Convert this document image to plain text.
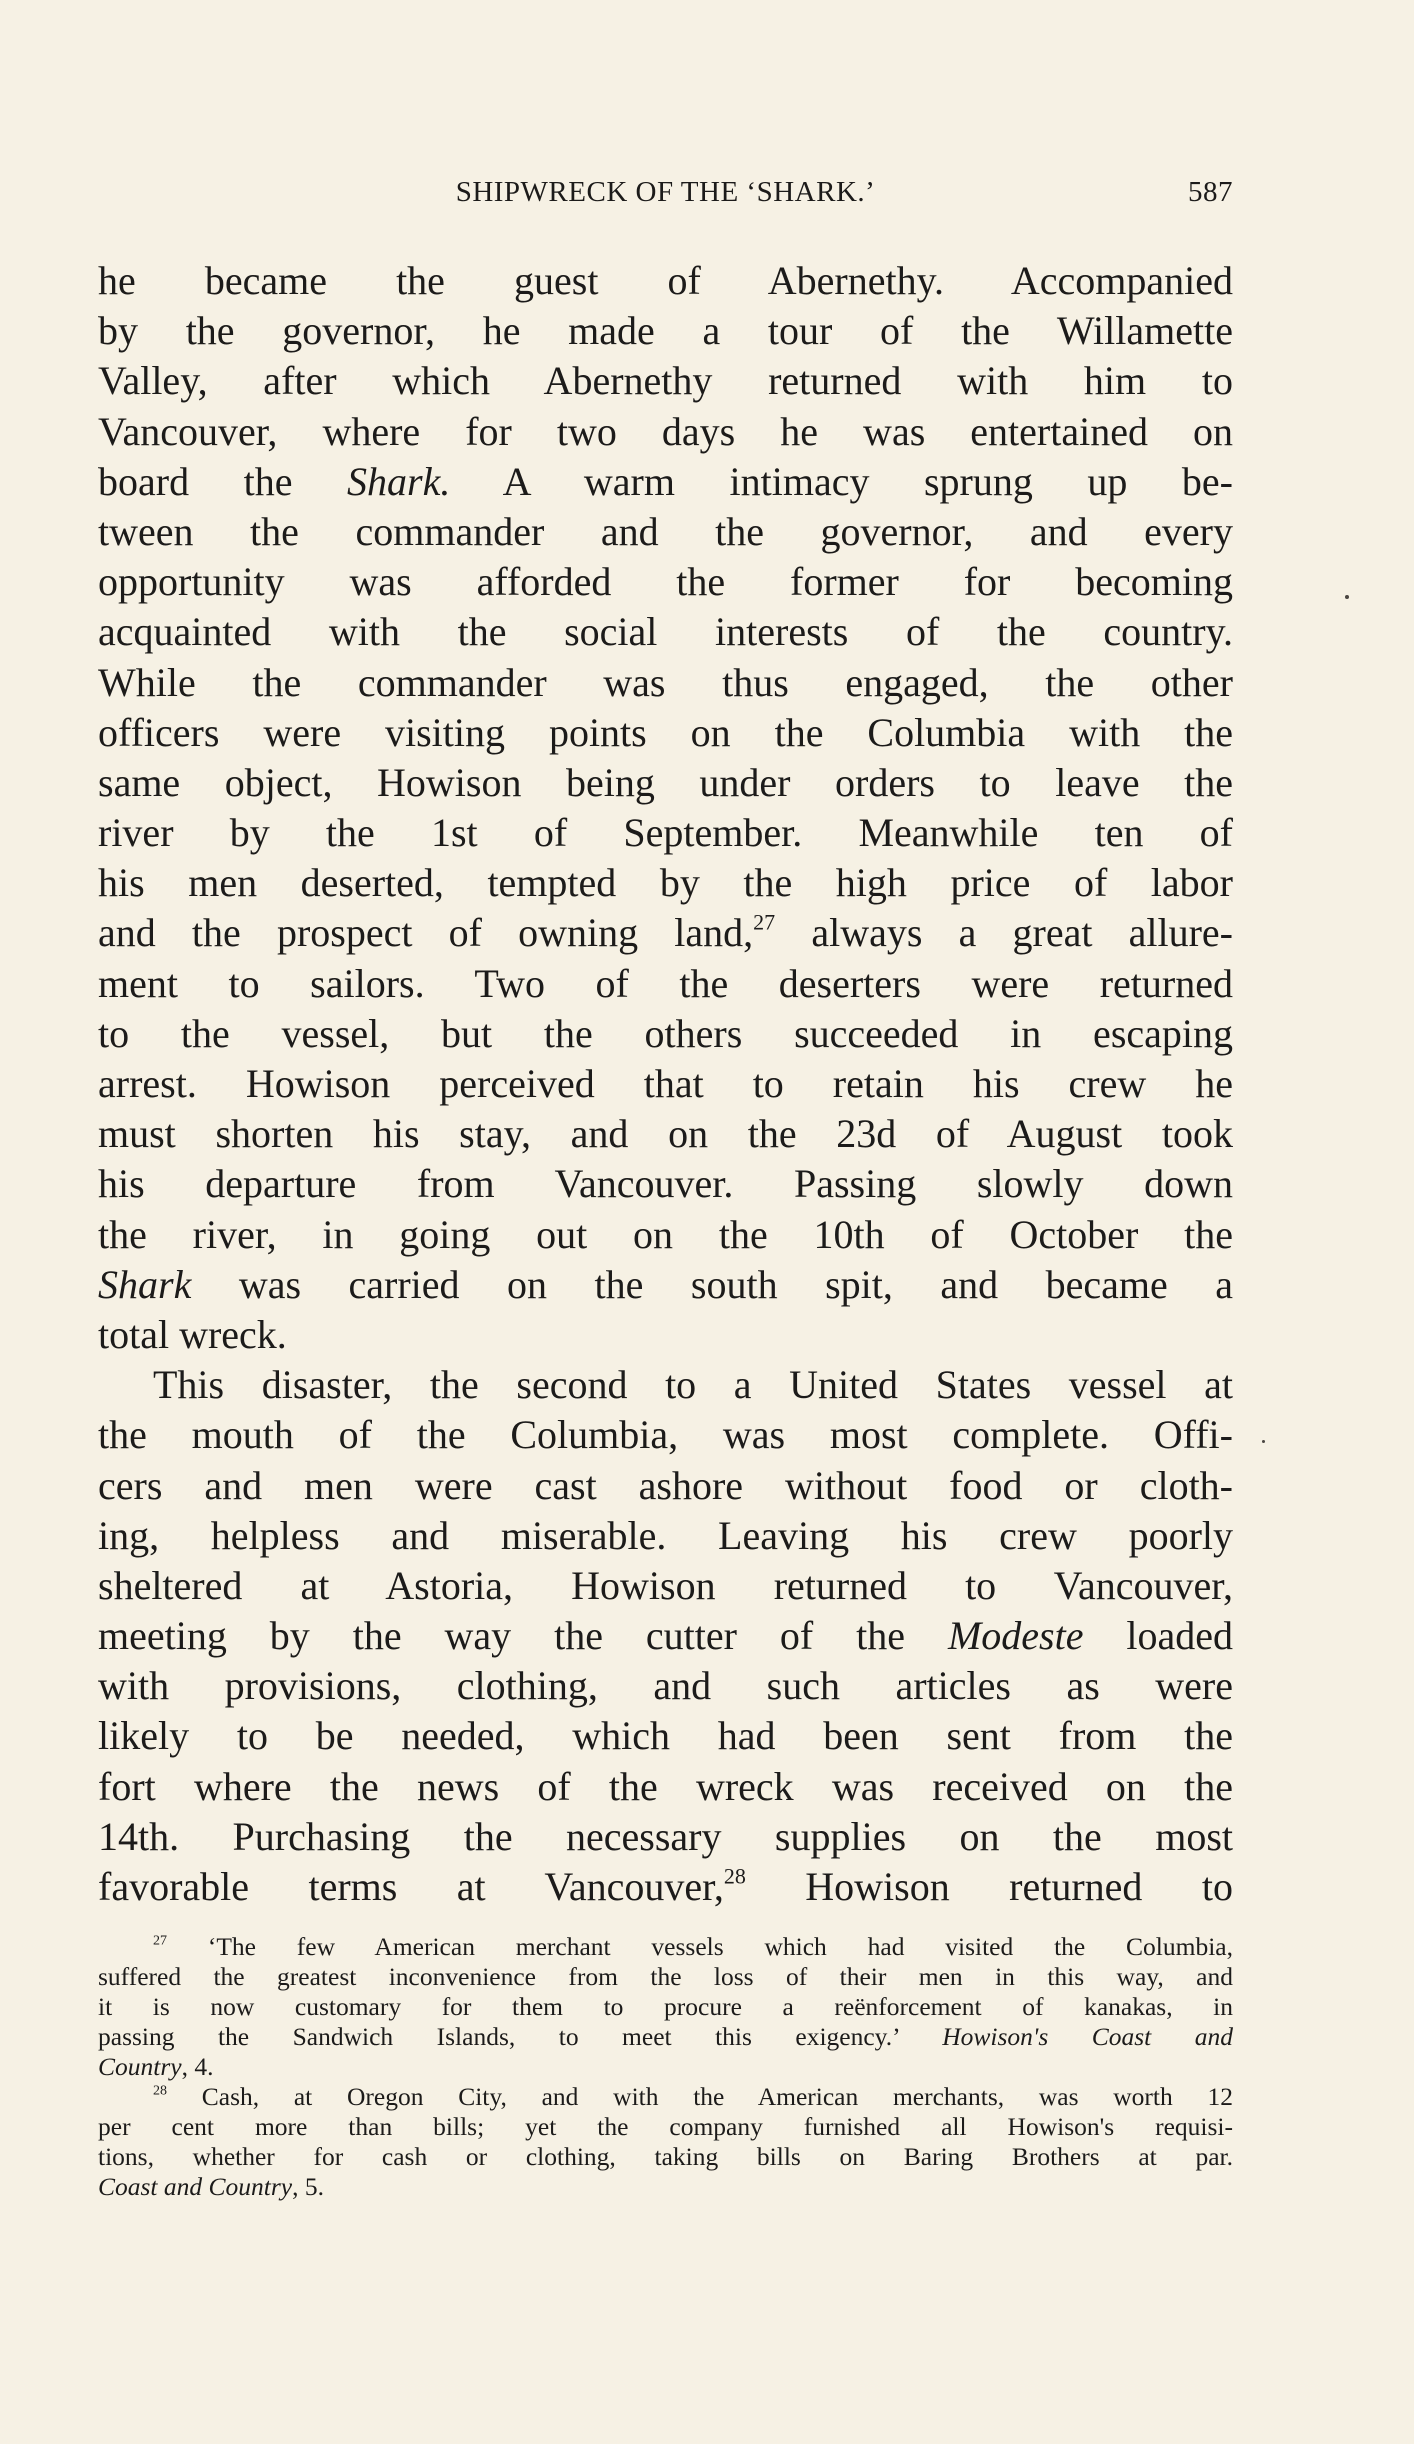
SHIPWRECK OF THE ‘SHARK.’	587
he became the guest of Abernethy. Accompanied
by the governor, he made a tour of the Willamette
Valley, after which Abernethy returned with him to
Vancouver, where for two days he was entertained on
board the Shark. A warm intimacy sprung up be-
tween the commander and the governor, and every
opportunity was afforded the former for becoming
acquainted with the social interests of the country.
While the commander was thus engaged, the other
officers were visiting points on the Columbia with the
same object, Howison being under orders to leave the
river by the 1st of September. Meanwhile ten of
his men deserted, tempted by the high price of labor
and the prospect of owning land,$^{27}$ always a great allure-
ment to sailors. Two of the deserters were returned
to the vessel, but the others succeeded in escaping
arrest. Howison perceived that to retain his crew he
must shorten his stay, and on the 23d of August took
his departure from Vancouver. Passing slowly down
the river, in going out on the 10th of October the
Shark was carried on the south spit, and became a
total wreck.
This disaster, the second to a United States vessel at
the mouth of the Columbia, was most complete. Offi-
cers and men were cast ashore without food or cloth-
ing, helpless and miserable. Leaving his crew poorly
sheltered at Astoria, Howison returned to Vancouver,
meeting by the way the cutter of the Modeste loaded
with provisions, clothing, and such articles as were
likely to be needed, which had been sent from the
fort where the news of the wreck was received on the
14th. Purchasing the necessary supplies on the most
favorable terms at Vancouver,$^{28}$ Howison returned to
$^{27}$ ‘The few American merchant vessels which had visited the Columbia,
suffered the greatest inconvenience from the loss of their men in this way, and
it is now customary for them to procure a reënforcement of kanakas, in
passing the Sandwich Islands, to meet this exigency.’ Howison's Coast and
Country, 4.
$^{28}$ Cash, at Oregon City, and with the American merchants, was worth 12
per cent more than bills; yet the company furnished all Howison's requisi-
tions, whether for cash or clothing, taking bills on Baring Brothers at par.
Coast and Country, 5.
